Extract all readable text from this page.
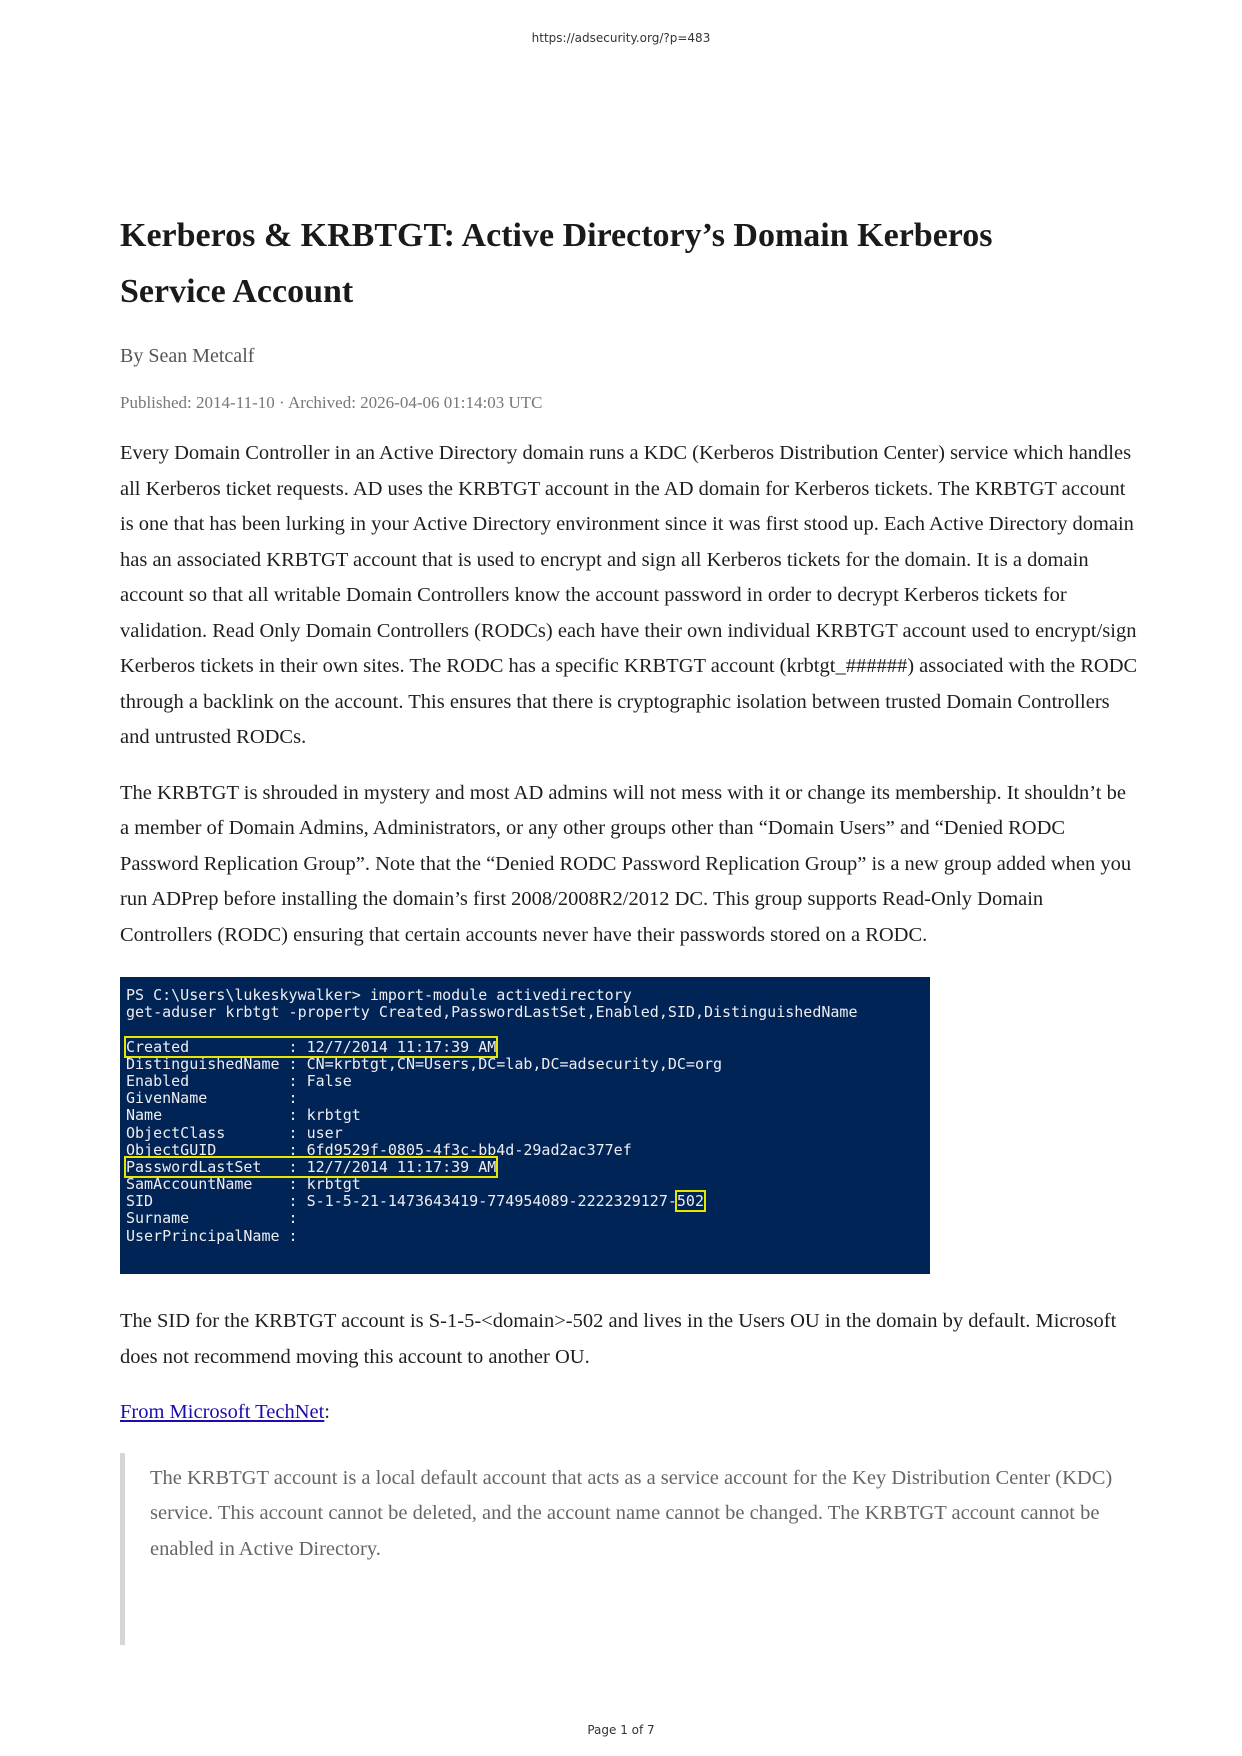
https://adsecurity.org/?p=483
Kerberos & KRBTGT: Active Directory’s Domain Kerberos
Service Account
By Sean Metcalf
Published: 2014-11-10 · Archived: 2026-04-06 01:14:03 UTC

Every Domain Controller in an Active Directory domain runs a KDC (Kerberos Distribution Center) service which handles all Kerberos ticket requests. AD uses the KRBTGT account in the AD domain for Kerberos tickets. The KRBTGT account is one that has been lurking in your Active Directory environment since it was first stood up. Each Active Directory domain has an associated KRBTGT account that is used to encrypt and sign all Kerberos tickets for the domain. It is a domain account so that all writable Domain Controllers know the account password in order to decrypt Kerberos tickets for validation. Read Only Domain Controllers (RODCs) each have their own individual KRBTGT account used to encrypt/sign Kerberos tickets in their own sites. The RODC has a specific KRBTGT account (krbtgt_######) associated with the RODC through a backlink on the account. This ensures that there is cryptographic isolation between trusted Domain Controllers and untrusted RODCs.

The KRBTGT is shrouded in mystery and most AD admins will not mess with it or change its membership. It shouldn’t be a member of Domain Admins, Administrators, or any other groups other than “Domain Users” and “Denied RODC Password Replication Group”. Note that the “Denied RODC Password Replication Group” is a new group added when you run ADPrep before installing the domain’s first 2008/2008R2/2012 DC. This group supports Read-Only Domain Controllers (RODC) ensuring that certain accounts never have their passwords stored on a RODC.

PS C:\Users\lukeskywalker> import-module activedirectory
get-aduser krbtgt -property Created,PasswordLastSet,Enabled,SID,DistinguishedName
Created           : 12/7/2014 11:17:39 AM
DistinguishedName : CN=krbtgt,CN=Users,DC=lab,DC=adsecurity,DC=org
Enabled           : False
GivenName         :
Name              : krbtgt
ObjectClass       : user
ObjectGUID        : 6fd9529f-0805-4f3c-bb4d-29ad2ac377ef
PasswordLastSet   : 12/7/2014 11:17:39 AM
SamAccountName    : krbtgt
SID               : S-1-5-21-1473643419-774954089-2222329127-502
Surname           :
UserPrincipalName :

The SID for the KRBTGT account is S-1-5-<domain>-502 and lives in the Users OU in the domain by default. Microsoft does not recommend moving this account to another OU.

From Microsoft TechNet:

The KRBTGT account is a local default account that acts as a service account for the Key Distribution Center (KDC) service. This account cannot be deleted, and the account name cannot be changed. The KRBTGT account cannot be enabled in Active Directory.

Page 1 of 7
